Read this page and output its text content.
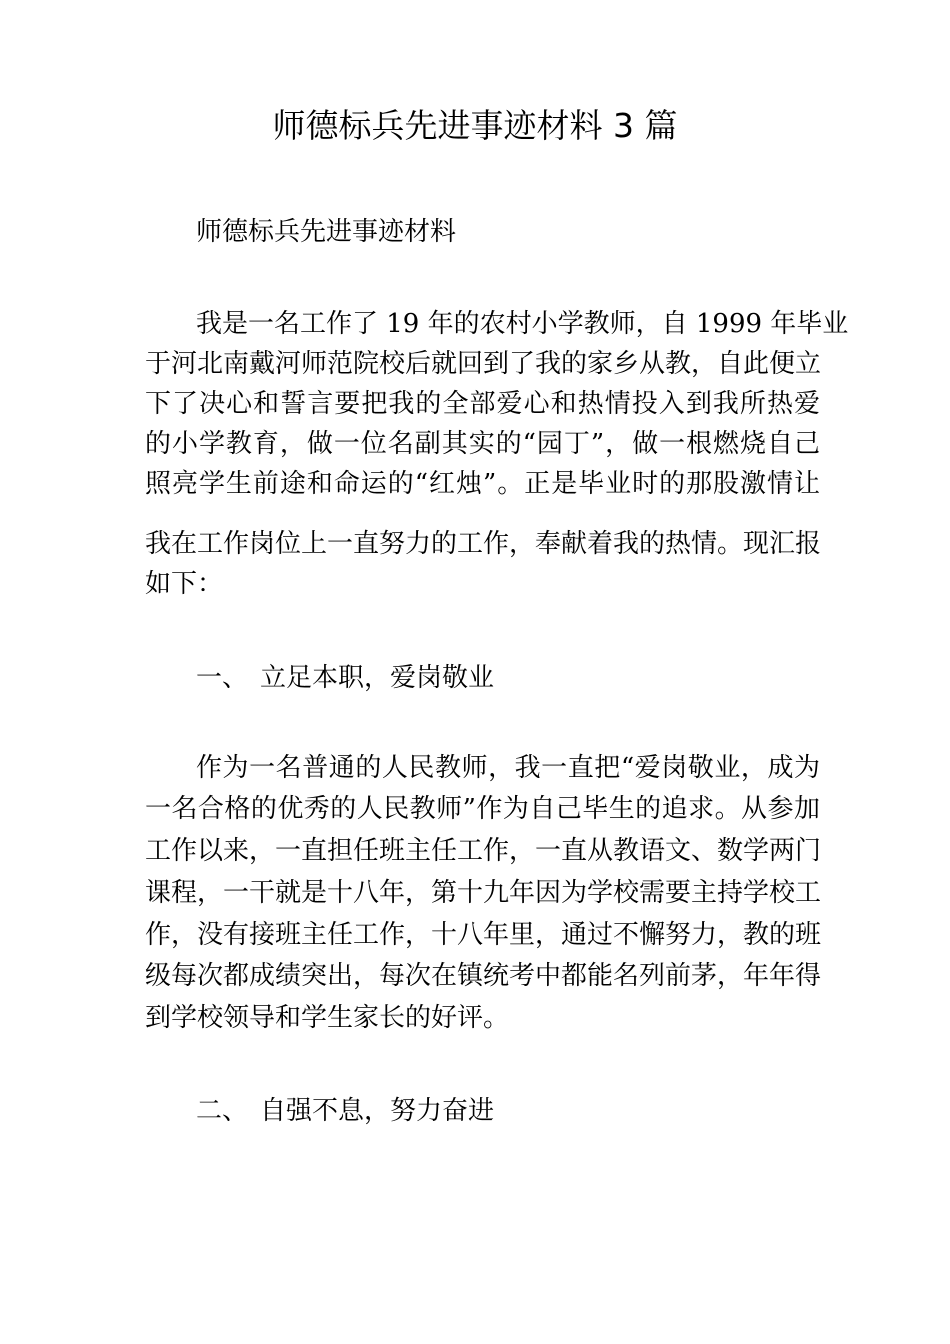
师德标兵先进事迹材料 3 篇
师德标兵先进事迹材料
我是一名工作了 19 年的农村小学教师，自 1999 年毕业
于河北南戴河师范院校后就回到了我的家乡从教，自此便立
下了决心和誓言要把我的全部爱心和热情投入到我所热爱
的小学教育，做一位名副其实的“园丁”，做一根燃烧自己
照亮学生前途和命运的“红烛”。正是毕业时的那股激情让
我在工作岗位上一直努力的工作，奉献着我的热情。现汇报
如下：
一、 立足本职，爱岗敬业
作为一名普通的人民教师，我一直把“爱岗敬业，成为
一名合格的优秀的人民教师”作为自己毕生的追求。从参加
工作以来，一直担任班主任工作，一直从教语文、数学两门
课程，一干就是十八年，第十九年因为学校需要主持学校工
作，没有接班主任工作，十八年里，通过不懈努力，教的班
级每次都成绩突出，每次在镇统考中都能名列前茅，年年得
到学校领导和学生家长的好评。
二、 自强不息，努力奋进
